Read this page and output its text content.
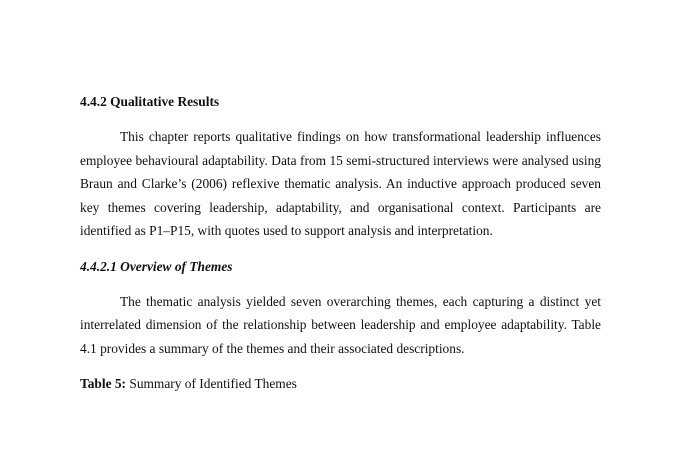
4.4.2 Qualitative Results

This chapter reports qualitative findings on how transformational leadership influences employee behavioural adaptability. Data from 15 semi-structured interviews were analysed using Braun and Clarke’s (2006) reflexive thematic analysis. An inductive approach produced seven key themes covering leadership, adaptability, and organisational context. Participants are identified as P1–P15, with quotes used to support analysis and interpretation.

4.4.2.1 Overview of Themes

The thematic analysis yielded seven overarching themes, each capturing a distinct yet interrelated dimension of the relationship between leadership and employee adaptability. Table 4.1 provides a summary of the themes and their associated descriptions.

Table 5: Summary of Identified Themes
